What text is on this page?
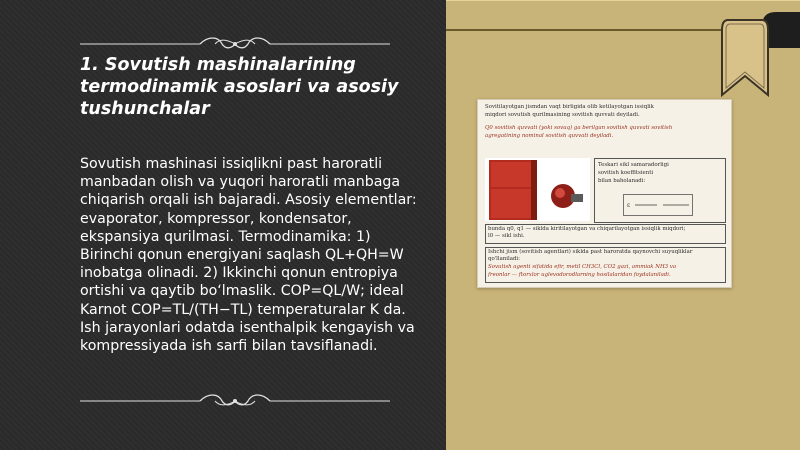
1. Sovutish mashinalarining termodinamik asoslari va asosiy tushunchalar

Sovutish mashinasi issiqlikni past haroratli manbadan olish va yuqori haroratli manbaga chiqarish orqali ish bajaradi. Asosiy elementlar: evaporator, kompressor, kondensator, ekspansiya qurilmasi. Termodinamika: 1) Birinchi qonun energiyani saqlash QL+QH=W inobatga olinadi. 2) Ikkinchi qonun entropiya ortishi va qaytib bo‘lmaslik. COP=QL/W; ideal Karnot COP=TL/(TH−TL) temperaturalar K da. Ish jarayonlari odatda isenthalpik kengayish va kompressiyada ish sarfi bilan tavsiflanadi.

Sovitilayotgan jismdan vaqt birligida olib ketilayotgan issiqlik

miqdori sovutish qurilmasining sovitish quvvati deyiladi.

Q0 sovitish quvvati (yoki sovuq) ga berilgan sovitish quvvati sovitish

agregatining nominal sovitish quvvati deyiladi.

Teskari sikl samaradorligi

sovitish koeffitsienti

bilan baholanadi:

ε

bunda q0, q1 — siklda kiritilayotgan va chiqarilayotgan issiqlik miqdori;

l0 — sikl ishi.

Ishchi jism (sovitish agentlari) siklda past haroratda qaynovchi suyuqliklar qo'llaniladi:

Sovutish agenti sifatida efir, metil CH3Cl, CO2 gazi, ammiak NH3 va

freonlar — ftorxlor uglevodorodlarning hosilalaridan foydalaniladi.
